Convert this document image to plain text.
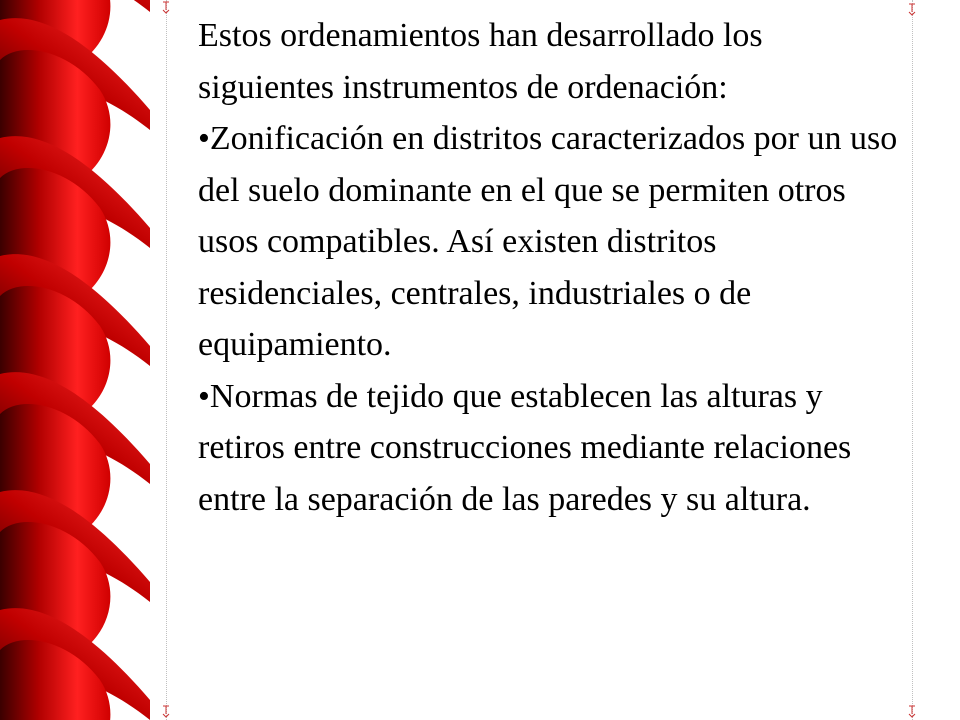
Estos ordenamientos han desarrollado los siguientes instrumentos de ordenación:

•Zonificación en distritos caracterizados por un uso del suelo dominante en el que se permiten otros usos compatibles. Así existen distritos residenciales, centrales, industriales o de equipamiento.

•Normas de tejido que establecen las alturas y retiros entre construcciones mediante relaciones entre la separación de las paredes y su altura.
